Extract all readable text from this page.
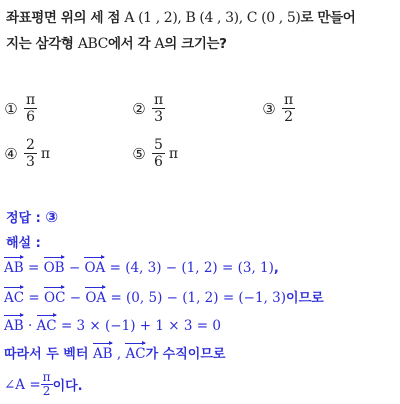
좌표평면 위의 세 점 A (1 , 2), B (4 , 3), C (0 , 5)로 만들어
지는 삼각형 ABC에서 각 A의 크기는?
① $\frac{\pi}{6}$	② $\frac{\pi}{3}$	③ $\frac{\pi}{2}$
④ $\frac{2}{3}$ π	⑤ $\frac{5}{6}$ π
정답 : ③
해설 :
AB = OB − OA = (4, 3) − (1, 2) = (3, 1),
AC = OC − OA = (0, 5) − (1, 2) = (−1, 3)이므로
AB · AC = 3 × (−1) + 1 × 3 = 0
따라서 두 벡터 AB , AC가 수직이므로
∠A = $\frac{\pi}{2}$ 이다.
